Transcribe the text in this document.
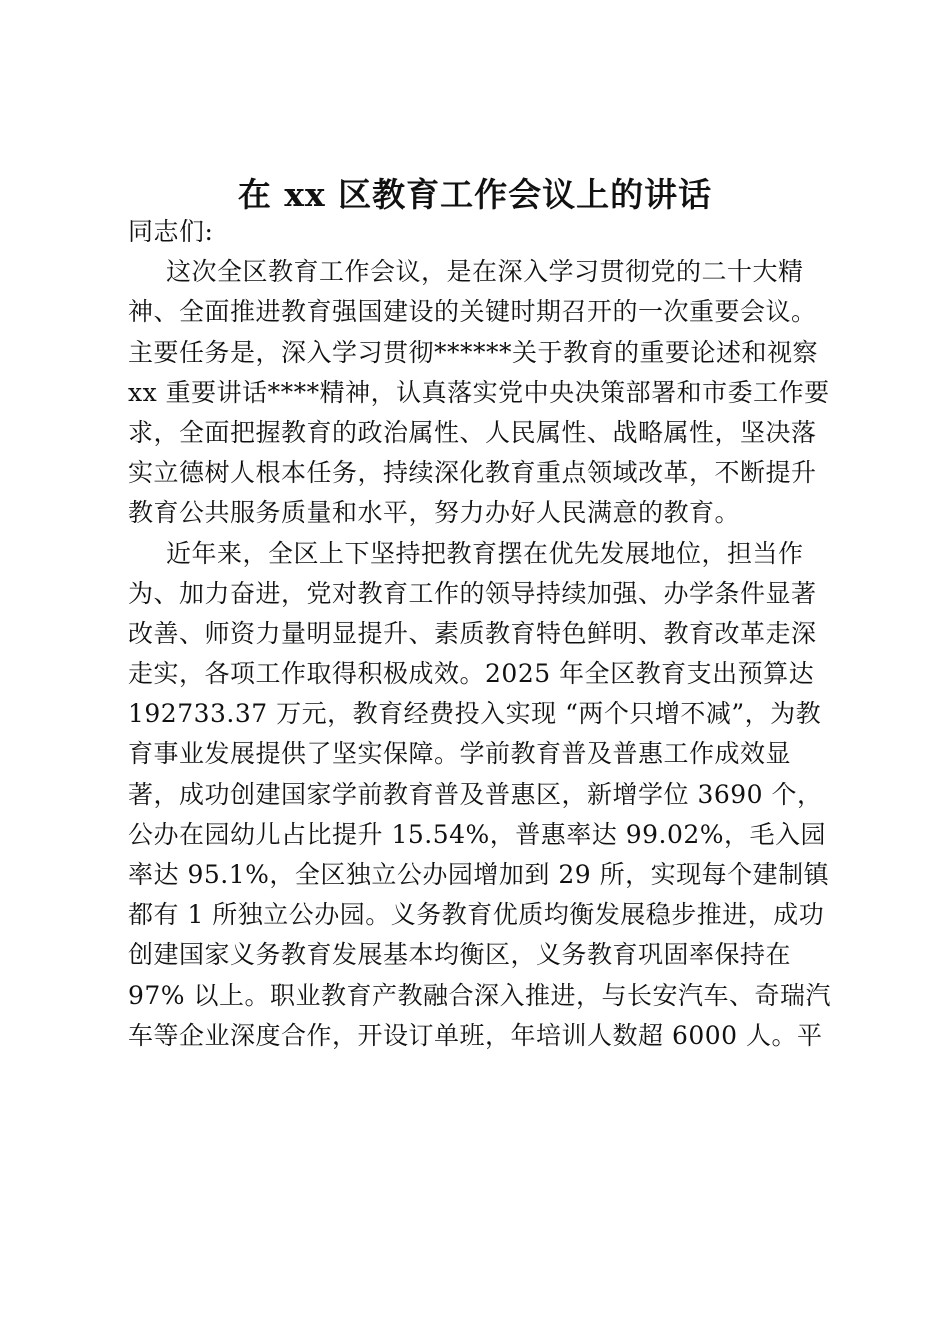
在 xx 区教育工作会议上的讲话

同志们:

这次全区教育工作会议，是在深入学习贯彻党的二十大精

神、全面推进教育强国建设的关键时期召开的一次重要会议。

主要任务是，深入学习贯彻******关于教育的重要论述和视察

xx 重要讲话****精神，认真落实党中央决策部署和市委工作要

求，全面把握教育的政治属性、人民属性、战略属性，坚决落

实立德树人根本任务，持续深化教育重点领域改革，不断提升

教育公共服务质量和水平，努力办好人民满意的教育。

近年来，全区上下坚持把教育摆在优先发展地位，担当作

为、加力奋进，党对教育工作的领导持续加强、办学条件显著

改善、师资力量明显提升、素质教育特色鲜明、教育改革走深

走实，各项工作取得积极成效。2025 年全区教育支出预算达

192733.37 万元，教育经费投入实现 “两个只增不减”，为教

育事业发展提供了坚实保障。学前教育普及普惠工作成效显

著，成功创建国家学前教育普及普惠区，新增学位 3690 个，

公办在园幼儿占比提升 15.54%，普惠率达 99.02%，毛入园

率达 95.1%，全区独立公办园增加到 29 所，实现每个建制镇

都有 1 所独立公办园。义务教育优质均衡发展稳步推进，成功

创建国家义务教育发展基本均衡区，义务教育巩固率保持在

97% 以上。职业教育产教融合深入推进，与长安汽车、奇瑞汽

车等企业深度合作，开设订单班，年培训人数超 6000 人。平
